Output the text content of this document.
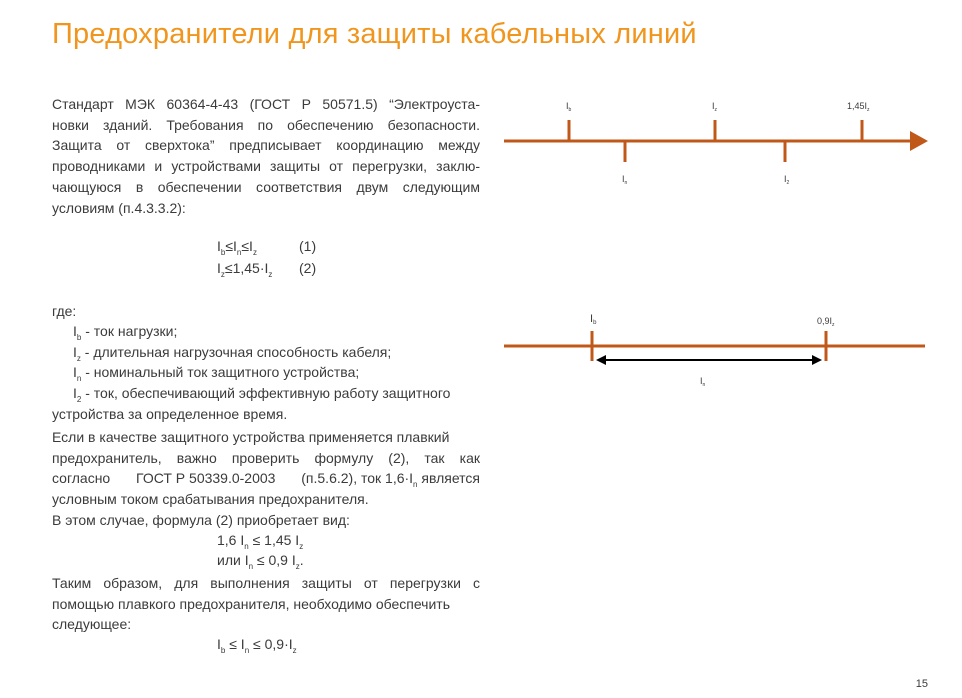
Предохранители для защиты кабельных линий
Стандарт МЭК 60364-4-43 (ГОСТ Р 50571.5) “Электроуста-
новки зданий. Требования по обеспечению безопасности.
Защита от сверхтока” предписывает координацию между
проводниками и устройствами защиты от перегрузки, заклю-
чающуюся в обеспечении соответствия двум следующим
условиям (п.4.3.3.2):
$I_b\le I_n\le I_z$	(1)
$I_z\le 1,45\cdot I_z$ (2)
где:
$I_b$ - ток нагрузки;
$I_z$ - длительная нагрузочная способность кабеля;
$I_n$ - номинальный ток защитного устройства;
$I_2$ - ток, обеспечивающий эффективную работу защитного
устройства за определенное время.
Если в качестве защитного устройства применяется плавкий
предохранитель, важно проверить формулу (2), так как
согласно ГОСТ Р 50339.0-2003 (п.5.6.2), ток $1,6\cdot I_n$ является
условным током срабатывания предохранителя.
В этом случае, формула (2) приобретает вид:
1,6 $I_n \le 1,45$ $I_z$
или $I_n \le 0,9$ $I_z$.
Таким образом, для выполнения защиты от перегрузки с
помощью плавкого предохранителя, необходимо обеспечить
следующее:
$I_b \le I_n \le 0,9\cdot I_z$
$I_b$	$I_z$	$1,45I_z$
$I_n$	$I_2$
Ib	$0,9I_z$
$I_n$
15
